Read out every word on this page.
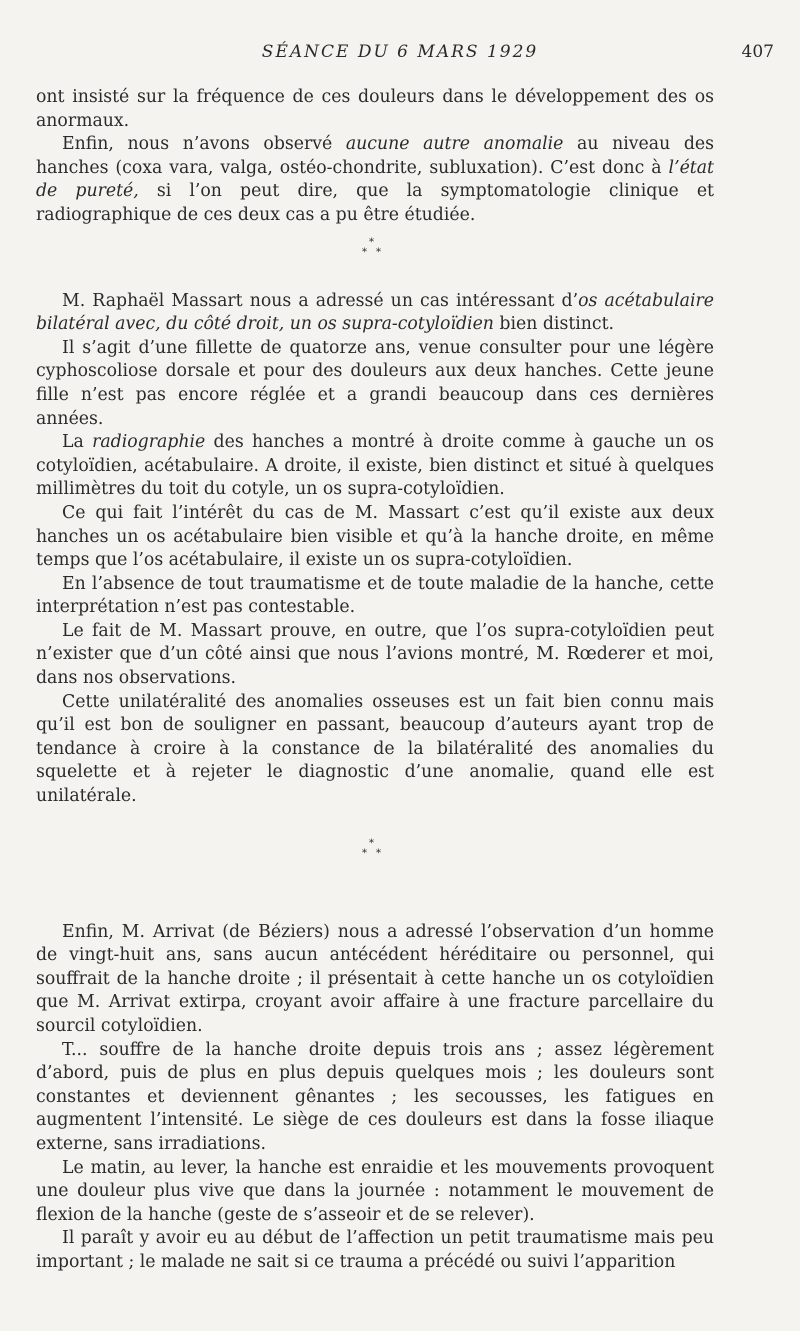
SÉANCE DU 6 MARS 1929	407

ont insisté sur la fréquence de ces douleurs dans le développement des os anormaux.

Enfin, nous n’avons observé aucune autre anomalie au niveau des hanches (coxa vara, valga, ostéo-chondrite, subluxation). C’est donc à l’état de pureté, si l’on peut dire, que la symptomatologie clinique et radiographique de ces deux cas a pu être étudiée.

*
* *

M. Raphaël Massart nous a adressé un cas intéressant d’os acétabulaire bilatéral avec, du côté droit, un os supra-cotyloïdien bien distinct.

Il s’agit d’une fillette de quatorze ans, venue consulter pour une légère cyphoscoliose dorsale et pour des douleurs aux deux hanches. Cette jeune fille n’est pas encore réglée et a grandi beaucoup dans ces dernières années.

La radiographie des hanches a montré à droite comme à gauche un os cotyloïdien, acétabulaire. A droite, il existe, bien distinct et situé à quelques millimètres du toit du cotyle, un os supra-cotyloïdien.

Ce qui fait l’intérêt du cas de M. Massart c’est qu’il existe aux deux hanches un os acétabulaire bien visible et qu’à la hanche droite, en même temps que l’os acétabulaire, il existe un os supra-cotyloïdien.

En l’absence de tout traumatisme et de toute maladie de la hanche, cette interprétation n’est pas contestable.

Le fait de M. Massart prouve, en outre, que l’os supra-cotyloïdien peut n’exister que d’un côté ainsi que nous l’avions montré, M. Rœderer et moi, dans nos observations.

Cette unilatéralité des anomalies osseuses est un fait bien connu mais qu’il est bon de souligner en passant, beaucoup d’auteurs ayant trop de tendance à croire à la constance de la bilatéralité des anomalies du squelette et à rejeter le diagnostic d’une anomalie, quand elle est unilatérale.

*
* *

Enfin, M. Arrivat (de Béziers) nous a adressé l’observation d’un homme de vingt-huit ans, sans aucun antécédent héréditaire ou personnel, qui souffrait de la hanche droite ; il présentait à cette hanche un os cotyloïdien que M. Arrivat extirpa, croyant avoir affaire à une fracture parcellaire du sourcil cotyloïdien.

T... souffre de la hanche droite depuis trois ans ; assez légèrement d’abord, puis de plus en plus depuis quelques mois ; les douleurs sont constantes et deviennent gênantes ; les secousses, les fatigues en augmentent l’intensité. Le siège de ces douleurs est dans la fosse iliaque externe, sans irradiations.

Le matin, au lever, la hanche est enraidie et les mouvements provoquent une douleur plus vive que dans la journée : notamment le mouvement de flexion de la hanche (geste de s’asseoir et de se relever).

Il paraît y avoir eu au début de l’affection un petit traumatisme mais peu important ; le malade ne sait si ce trauma a précédé ou suivi l’apparition
